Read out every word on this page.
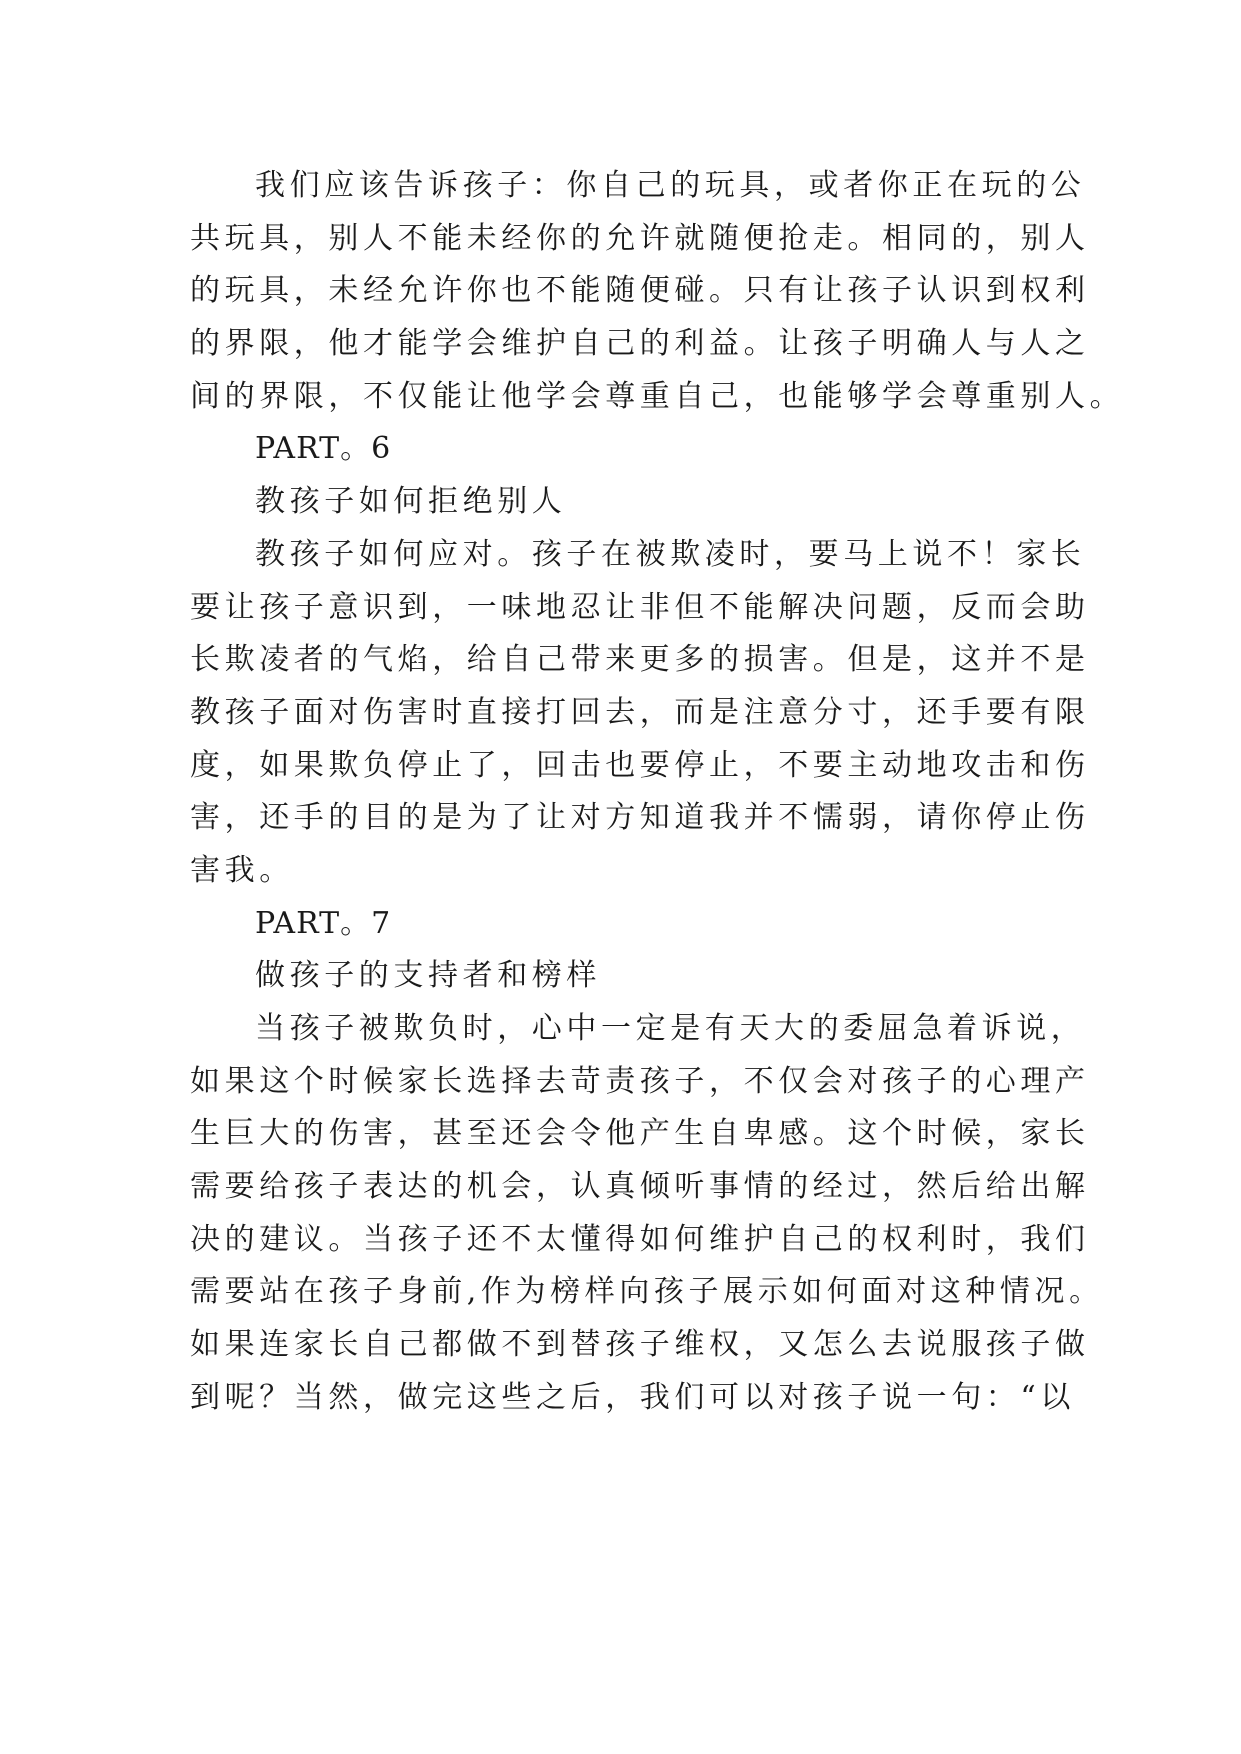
我们应该告诉孩子：你自己的玩具，或者你正在玩的公
共玩具，别人不能未经你的允许就随便抢走。相同的，别人
的玩具，未经允许你也不能随便碰。只有让孩子认识到权利
的界限，他才能学会维护自己的利益。让孩子明确人与人之
间的界限，不仅能让他学会尊重自己，也能够学会尊重别人。
PART。6
教孩子如何拒绝别人
教孩子如何应对。孩子在被欺凌时，要马上说不！家长
要让孩子意识到，一味地忍让非但不能解决问题，反而会助
长欺凌者的气焰，给自己带来更多的损害。但是，这并不是
教孩子面对伤害时直接打回去，而是注意分寸，还手要有限
度，如果欺负停止了，回击也要停止，不要主动地攻击和伤
害，还手的目的是为了让对方知道我并不懦弱，请你停止伤
害我。
PART。7
做孩子的支持者和榜样
当孩子被欺负时，心中一定是有天大的委屈急着诉说，
如果这个时候家长选择去苛责孩子，不仅会对孩子的心理产
生巨大的伤害，甚至还会令他产生自卑感。这个时候，家长
需要给孩子表达的机会，认真倾听事情的经过，然后给出解
决的建议。当孩子还不太懂得如何维护自己的权利时，我们
需要站在孩子身前,作为榜样向孩子展示如何面对这种情况。
如果连家长自己都做不到替孩子维权，又怎么去说服孩子做
到呢？当然，做完这些之后，我们可以对孩子说一句：“以
